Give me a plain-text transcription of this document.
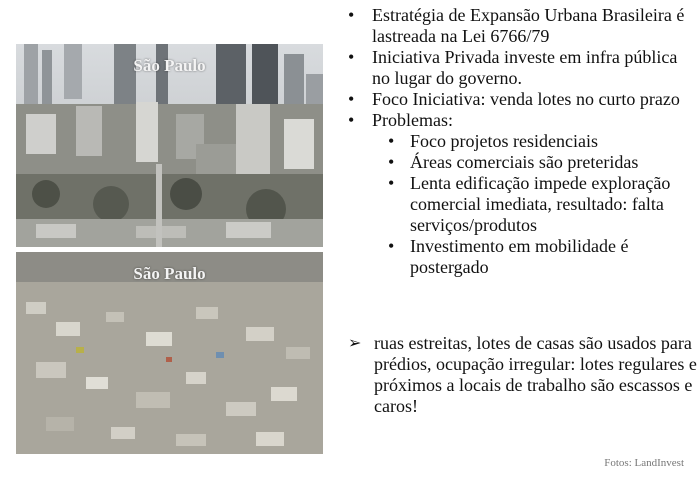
São Paulo
São Paulo
• Estratégia de Expansão Urbana Brasileira é lastreada na Lei 6766/79
• Iniciativa Privada investe em infra pública no lugar do governo.
• Foco Iniciativa: venda lotes no curto prazo
• Problemas:
• Foco projetos residenciais
• Áreas comerciais são preteridas
• Lenta edificação impede exploração comercial imediata, resultado: falta serviços/produtos
• Investimento em mobilidade é postergado
➢ ruas estreitas, lotes de casas são usados para prédios, ocupação irregular: lotes regulares e próximos a locais de trabalho são escassos e caros!
Fotos: LandInvest
